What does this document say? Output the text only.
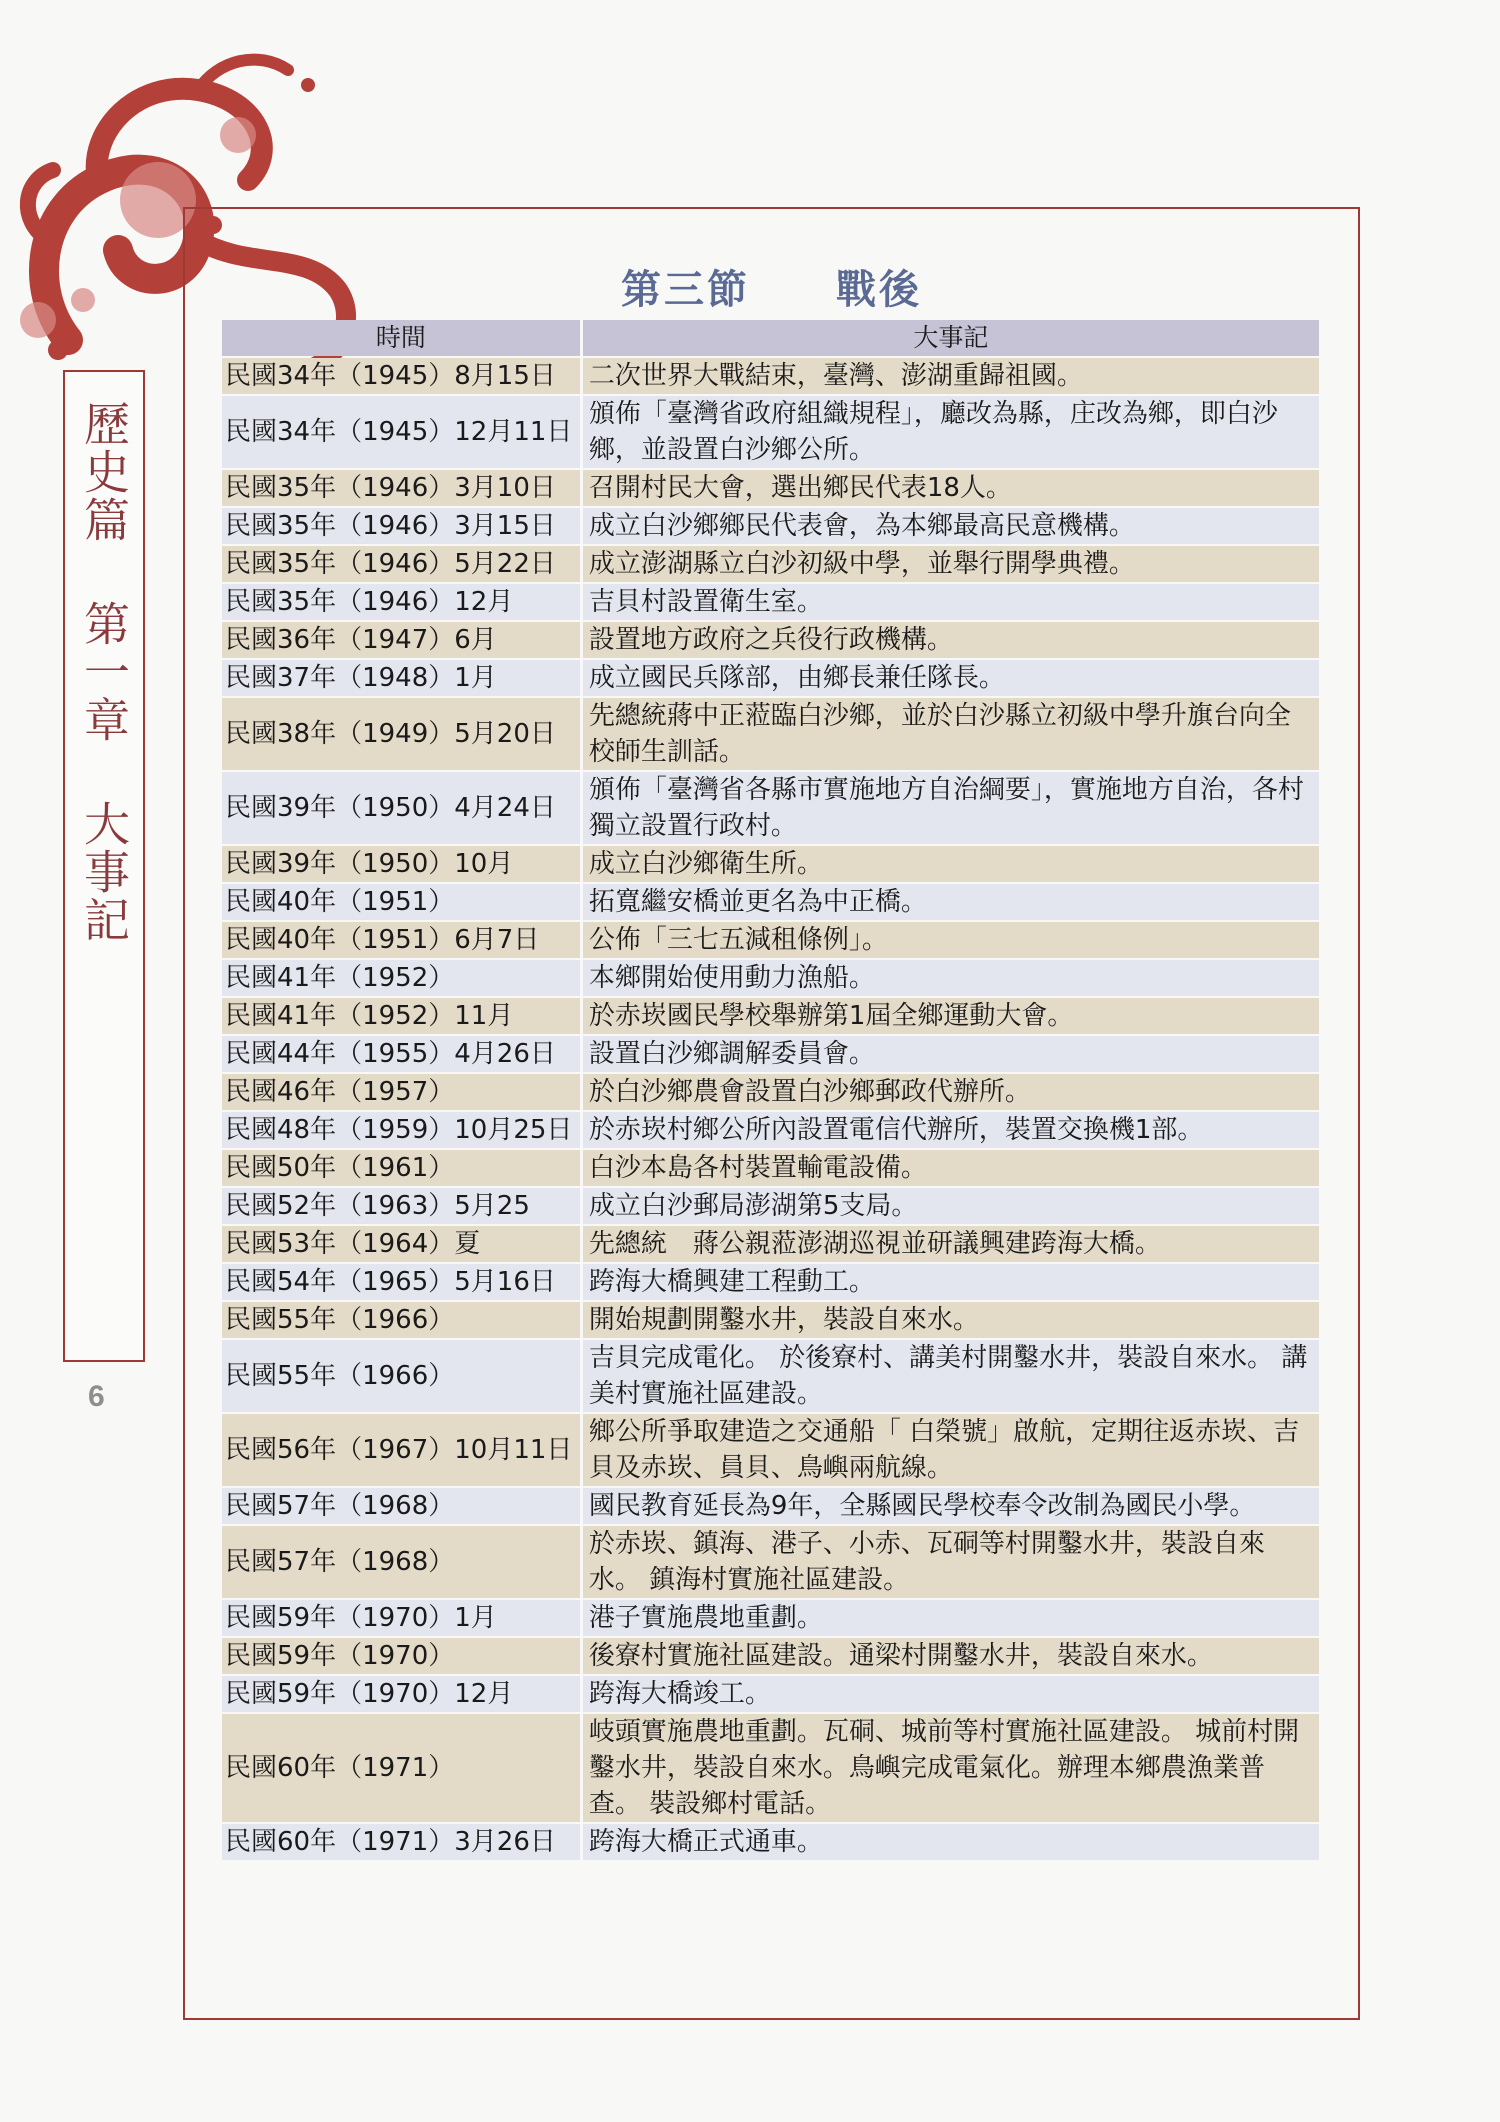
歷史篇 第一章 大事記
6
第三節　　戰後
時間	大事記
民國34年（1945）8月15日	二次世界大戰結束，臺灣、澎湖重歸祖國。
民國34年（1945）12月11日	頒佈「臺灣省政府組織規程」，廳改為縣，庄改為鄉，即白沙鄉，並設置白沙鄉公所。
民國35年（1946）3月10日	召開村民大會，選出鄉民代表18人。
民國35年（1946）3月15日	成立白沙鄉鄉民代表會，為本鄉最高民意機構。
民國35年（1946）5月22日	成立澎湖縣立白沙初級中學，並舉行開學典禮。
民國35年（1946）12月	吉貝村設置衛生室。
民國36年（1947）6月	設置地方政府之兵役行政機構。
民國37年（1948）1月	成立國民兵隊部，由鄉長兼任隊長。
民國38年（1949）5月20日	先總統蔣中正蒞臨白沙鄉，並於白沙縣立初級中學升旗台向全校師生訓話。
民國39年（1950）4月24日	頒佈「臺灣省各縣市實施地方自治綱要」，實施地方自治，各村獨立設置行政村。
民國39年（1950）10月	成立白沙鄉衛生所。
民國40年（1951）	拓寬繼安橋並更名為中正橋。
民國40年（1951）6月7日	公佈「三七五減租條例」。
民國41年（1952）	本鄉開始使用動力漁船。
民國41年（1952）11月	於赤崁國民學校舉辦第1屆全鄉運動大會。
民國44年（1955）4月26日	設置白沙鄉調解委員會。
民國46年（1957）	於白沙鄉農會設置白沙鄉郵政代辦所。
民國48年（1959）10月25日	於赤崁村鄉公所內設置電信代辦所，裝置交換機1部。
民國50年（1961）	白沙本島各村裝置輸電設備。
民國52年（1963）5月25	成立白沙郵局澎湖第5支局。
民國53年（1964）夏	先總統　蔣公親蒞澎湖巡視並研議興建跨海大橋。
民國54年（1965）5月16日	跨海大橋興建工程動工。
民國55年（1966）	開始規劃開鑿水井，裝設自來水。
民國55年（1966）	吉貝完成電化。 於後寮村、講美村開鑿水井，裝設自來水。 講美村實施社區建設。
民國56年（1967）10月11日	鄉公所爭取建造之交通船「 白榮號」啟航，定期往返赤崁、吉貝及赤崁、員貝、鳥嶼兩航線。
民國57年（1968）	國民教育延長為9年，全縣國民學校奉令改制為國民小學。
民國57年（1968）	於赤崁、鎮海、港子、小赤、瓦硐等村開鑿水井，裝設自來水。 鎮海村實施社區建設。
民國59年（1970）1月	港子實施農地重劃。
民國59年（1970）	後寮村實施社區建設。通梁村開鑿水井，裝設自來水。
民國59年（1970）12月	跨海大橋竣工。
民國60年（1971）	岐頭實施農地重劃。瓦硐、城前等村實施社區建設。 城前村開鑿水井，裝設自來水。鳥嶼完成電氣化。辦理本鄉農漁業普查。 裝設鄉村電話。
民國60年（1971）3月26日	跨海大橋正式通車。
